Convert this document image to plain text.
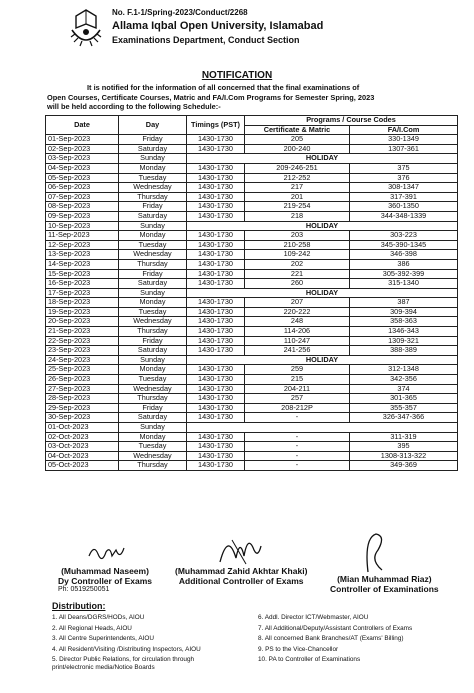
No. F.1-1/Spring-2023/Conduct/2268
Allama Iqbal Open University, Islamabad
Examinations Department, Conduct Section
NOTIFICATION
It is notified for the information of all concerned that the final examinations of
Open Courses, Certificate Courses, Matric and FA/I.Com Programs for Semester Spring, 2023
will be held according to the following Schedule:-
Date	Day	Timings (PST)	Programs / Course Codes	
			Certificate & Matric	FA/I.Com
01-Sep-2023	Friday	1430-1730	205	330-1349
02-Sep-2023	Saturday	1430-1730	200-240	1307-361
03-Sep-2023	Sunday	HOLIDAY		
04-Sep-2023	Monday	1430-1730	209-246-251	375
05-Sep-2023	Tuesday	1430-1730	212-252	376
06-Sep-2023	Wednesday	1430-1730	217	308-1347
07-Sep-2023	Thursday	1430-1730	201	317-391
08-Sep-2023	Friday	1430-1730	219-254	360-1350
09-Sep-2023	Saturday	1430-1730	218	344-348-1339
10-Sep-2023	Sunday	HOLIDAY		
11-Sep-2023	Monday	1430-1730	203	303-223
12-Sep-2023	Tuesday	1430-1730	210-258	345-390-1345
13-Sep-2023	Wednesday	1430-1730	109-242	346-398
14-Sep-2023	Thursday	1430-1730	202	386
15-Sep-2023	Friday	1430-1730	221	305-392-399
16-Sep-2023	Saturday	1430-1730	260	315-1340
17-Sep-2023	Sunday	HOLIDAY		
18-Sep-2023	Monday	1430-1730	207	387
19-Sep-2023	Tuesday	1430-1730	220-222	309-394
20-Sep-2023	Wednesday	1430-1730	248	358-363
21-Sep-2023	Thursday	1430-1730	114-206	1346-343
22-Sep-2023	Friday	1430-1730	110-247	1309-321
23-Sep-2023	Saturday	1430-1730	241-256	388-389
24-Sep-2023	Sunday	HOLIDAY		
25-Sep-2023	Monday	1430-1730	259	312-1348
26-Sep-2023	Tuesday	1430-1730	215	342-356
27-Sep-2023	Wednesday	1430-1730	204-211	374
28-Sep-2023	Thursday	1430-1730	257	301-365
29-Sep-2023	Friday	1430-1730	208-212P	355-357
30-Sep-2023	Saturday	1430-1730	-	326-347-366
01-Oct-2023	Sunday			
02-Oct-2023	Monday	1430-1730	-	311-319
03-Oct-2023	Tuesday	1430-1730	-	395
04-Oct-2023	Wednesday	1430-1730	-	1308-313-322
05-Oct-2023	Thursday	1430-1730	-	349-369
(Muhammad Naseem)
Dy Controller of Exams
Ph: 0519250051
(Muhammad Zahid Akhtar Khaki)
Additional Controller of Exams	(Mian Muhammad Riaz)
Controller of Examinations
Distribution:
1. All Deans/DGRS/HODs, AIOU
2. All Regional Heads, AIOU
3. All Centre Superintendents, AIOU
4. All Resident/Visiting /Distributing Inspectors, AIOU
5. Director Public Relations, for circulation through
print/electronic media/Notice Boards
6. Addl. Director ICT/Webmaster, AIOU
7. All Additional/Deputy/Assistant Controllers of Exams
8. All concerned Bank Branches/AT (Exams' Billing)
9. PS to the Vice-Chancellor
10. PA to Controller of Examinations
